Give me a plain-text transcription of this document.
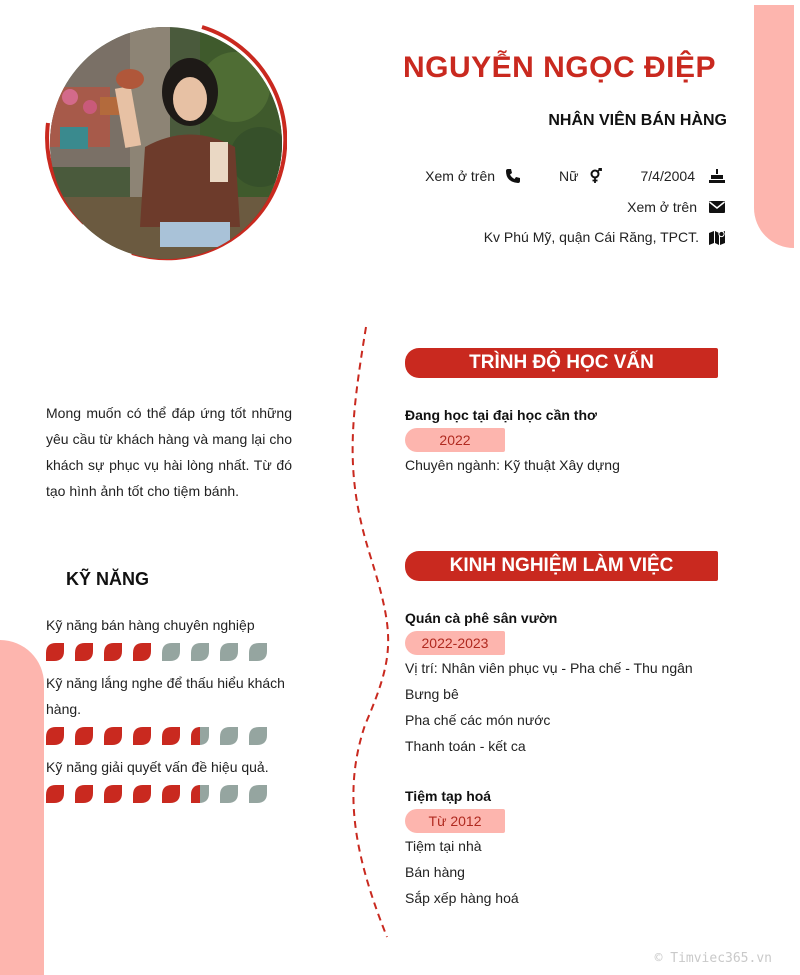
NGUYỄN NGỌC ĐIỆP
NHÂN VIÊN BÁN HÀNG
Xem ở trên	Nữ	7/4/2004
Xem ở trên
Kv Phú Mỹ, quận Cái Răng, TPCT.
Mong muốn có thể đáp ứng tốt những yêu cầu từ khách hàng và mang lại cho khách sự phục vụ hài lòng nhất. Từ đó tạo hình ảnh tốt cho tiệm bánh.
KỸ NĂNG
Kỹ năng bán hàng chuyên nghiệp
Kỹ năng lắng nghe để thấu hiểu khách hàng.
Kỹ năng giải quyết vấn đề hiệu quả.
TRÌNH ĐỘ HỌC VẤN
Đang học tại đại học cần thơ
2022
Chuyên ngành: Kỹ thuật Xây dựng
KINH NGHIỆM LÀM VIỆC
Quán cà phê sân vườn
2022-2023
Vị trí: Nhân viên phục vụ - Pha chế - Thu ngân
Bưng bê
Pha chế các món nước
Thanh toán - kết ca
Tiệm tạp hoá
Từ 2012
Tiệm tại nhà
Bán hàng
Sắp xếp hàng hoá
© Timviec365.vn
